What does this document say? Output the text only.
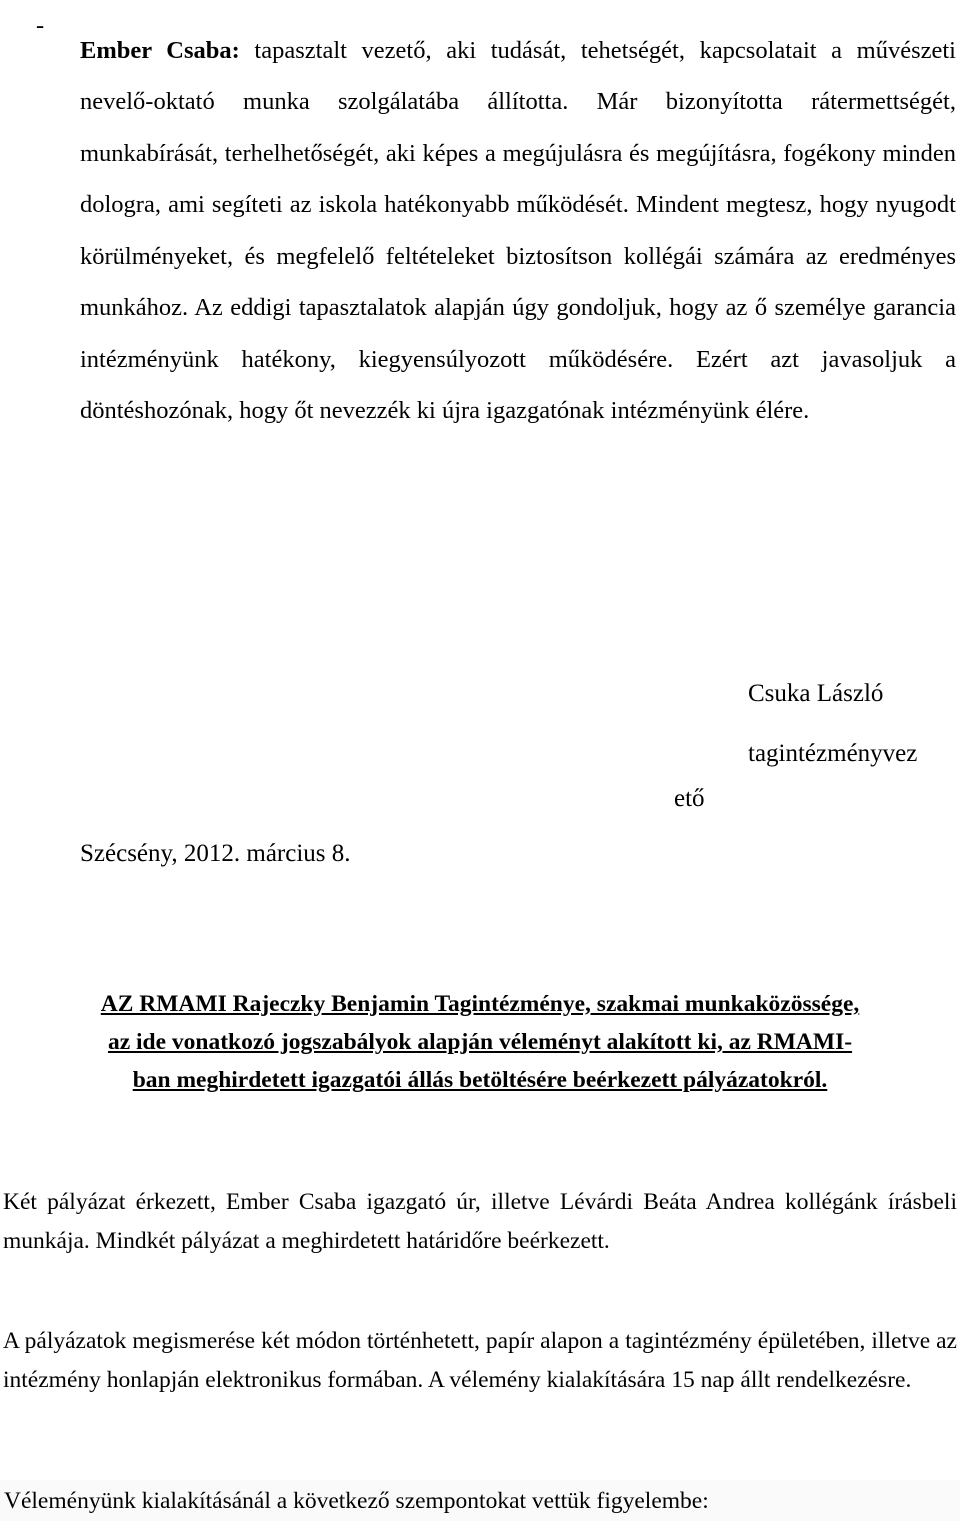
-

Ember Csaba: tapasztalt vezető, aki tudását, tehetségét, kapcsolatait a művészeti nevelő-oktató munka szolgálatába állította. Már bizonyította rátermettségét, munkabírását, terhelhetőségét, aki képes a megújulásra és megújításra, fogékony minden dologra, ami segíteti az iskola hatékonyabb működését. Mindent megtesz, hogy nyugodt körülményeket, és megfelelő feltételeket biztosítson kollégái számára az eredményes munkához. Az eddigi tapasztalatok alapján úgy gondoljuk, hogy az ő személye garancia intézményünk hatékony, kiegyensúlyozott működésére. Ezért azt javasoljuk a döntéshozónak, hogy őt nevezzék ki újra igazgatónak intézményünk élére.

Csuka László
tagintézményvez
ető
Szécsény, 2012. március 8.
AZ RMAMI Rajeczky Benjamin Tagintézménye, szakmai munkaközössége,
az ide vonatkozó jogszabályok alapján véleményt alakított ki, az RMAMI-
ban meghirdetett igazgatói állás betöltésére beérkezett pályázatokról.

Két pályázat érkezett, Ember Csaba igazgató úr, illetve Lévárdi Beáta Andrea kollégánk írásbeli munkája. Mindkét pályázat a meghirdetett határidőre beérkezett.

A pályázatok megismerése két módon történhetett, papír alapon a tagintézmény épületében, illetve az intézmény honlapján elektronikus formában. A vélemény kialakítására 15 nap állt rendelkezésre.

Véleményünk kialakításánál a következő szempontokat vettük figyelembe:
